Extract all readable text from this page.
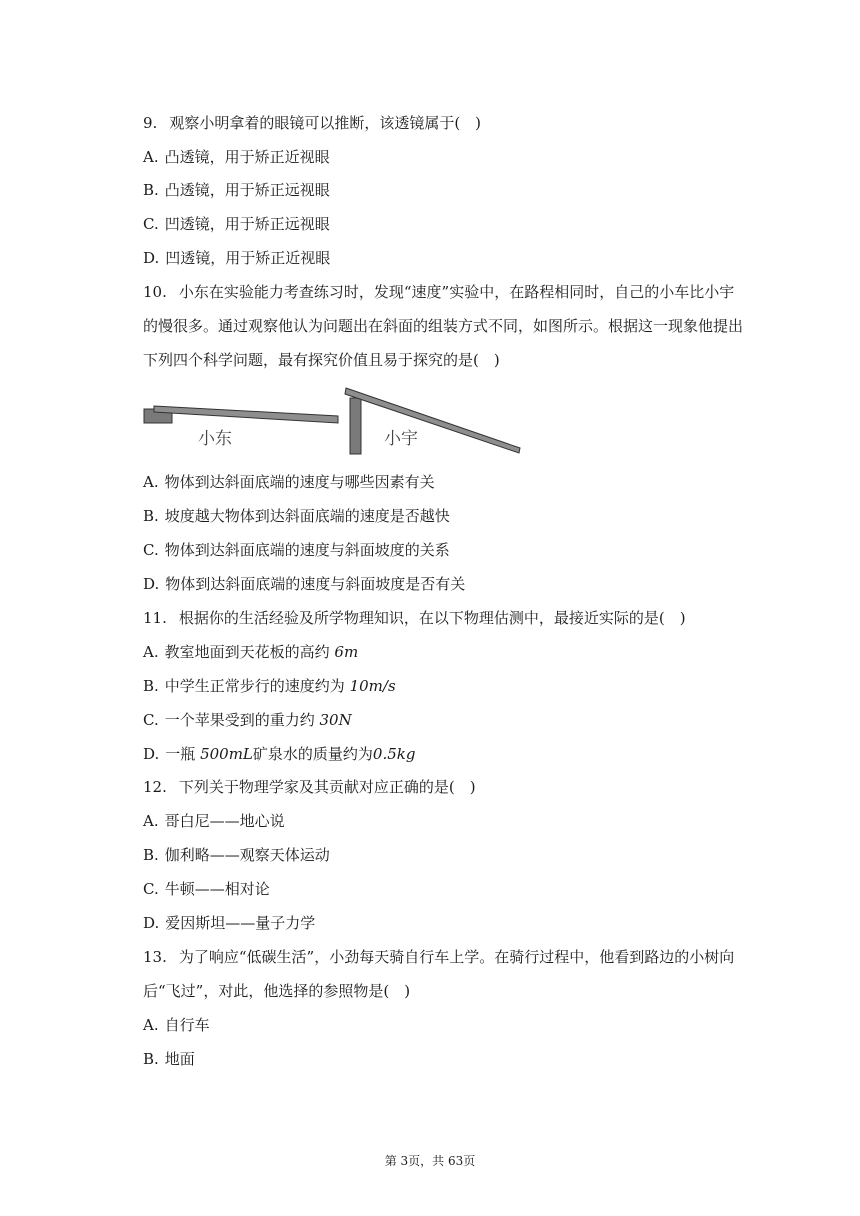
9. 观察小明拿着的眼镜可以推断，该透镜属于( )
A. 凸透镜，用于矫正近视眼
B. 凸透镜，用于矫正远视眼
C. 凹透镜，用于矫正远视眼
D. 凹透镜，用于矫正近视眼
10. 小东在实验能力考查练习时，发现“速度”实验中，在路程相同时，自己的小车比小宇
的慢很多。通过观察他认为问题出在斜面的组装方式不同，如图所示。根据这一现象他提出
下列四个科学问题，最有探究价值且易于探究的是( )
小东	小宇
A. 物体到达斜面底端的速度与哪些因素有关
B. 坡度越大物体到达斜面底端的速度是否越快
C. 物体到达斜面底端的速度与斜面坡度的关系
D. 物体到达斜面底端的速度与斜面坡度是否有关
11. 根据你的生活经验及所学物理知识，在以下物理估测中，最接近实际的是( )
A. 教室地面到天花板的高约 6m
B. 中学生正常步行的速度约为 10m/s
C. 一个苹果受到的重力约 30N
D. 一瓶 500mL矿泉水的质量约为0.5kg
12. 下列关于物理学家及其贡献对应正确的是( )
A. 哥白尼——地心说
B. 伽利略——观察天体运动
C. 牛顿——相对论
D. 爱因斯坦——量子力学
13. 为了响应“低碳生活”，小劲每天骑自行车上学。在骑行过程中，他看到路边的小树向
后“飞过”，对此，他选择的参照物是( )
A. 自行车
B. 地面
第 3页，共 63页
